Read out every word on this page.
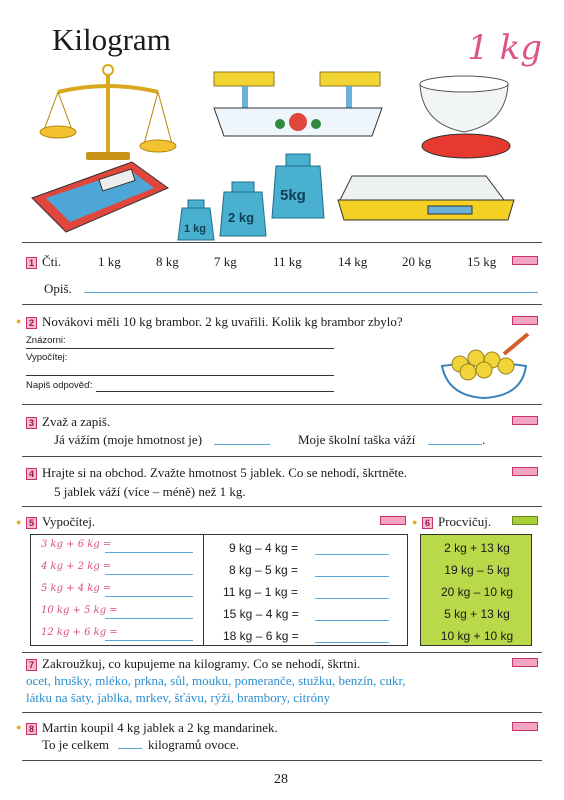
Kilogram	1 kg
1 kg
2 kg
5kg
1 Čti.	1 kg	8 kg	7 kg	11 kg	14 kg	20 kg	15 kg
Opiš.
● 2 Novákovi měli 10 kg brambor. 2 kg uvařili. Kolik kg brambor zbylo?
Znázorni:
Vypočítej:
Napiš odpověď:
3 Zvaž a zapiš.
Já vážím (moje hmotnost je)	Moje školní taška váží	.
4 Hrajte si na obchod. Zvažte hmotnost 5 jablek. Co se nehodí, škrtněte.
5 jablek váží (více – méně) než 1 kg.
● 5 Vypočítej.	● 6 Procvičuj.
3 kg + 6 kg =
4 kg + 2 kg =
5 kg + 4 kg =
10 kg + 5 kg =
12 kg + 6 kg =
9 kg – 4 kg =
8 kg – 5 kg =
11 kg – 1 kg =
15 kg – 4 kg =
18 kg – 6 kg =
2 kg + 13 kg
19 kg – 5 kg
20 kg – 10 kg
5 kg + 13 kg
10 kg + 10 kg
7 Zakroužkuj, co kupujeme na kilogramy. Co se nehodí, škrtni.
ocet, hrušky, mléko, prkna, sůl, mouku, pomeranče, stužku, benzín, cukr,
látku na šaty, jablka, mrkev, šťávu, rýži, brambory, citróny
● 8 Martin koupil 4 kg jablek a 2 kg mandarinek.
To je celkem	kilogramů ovoce.
28
